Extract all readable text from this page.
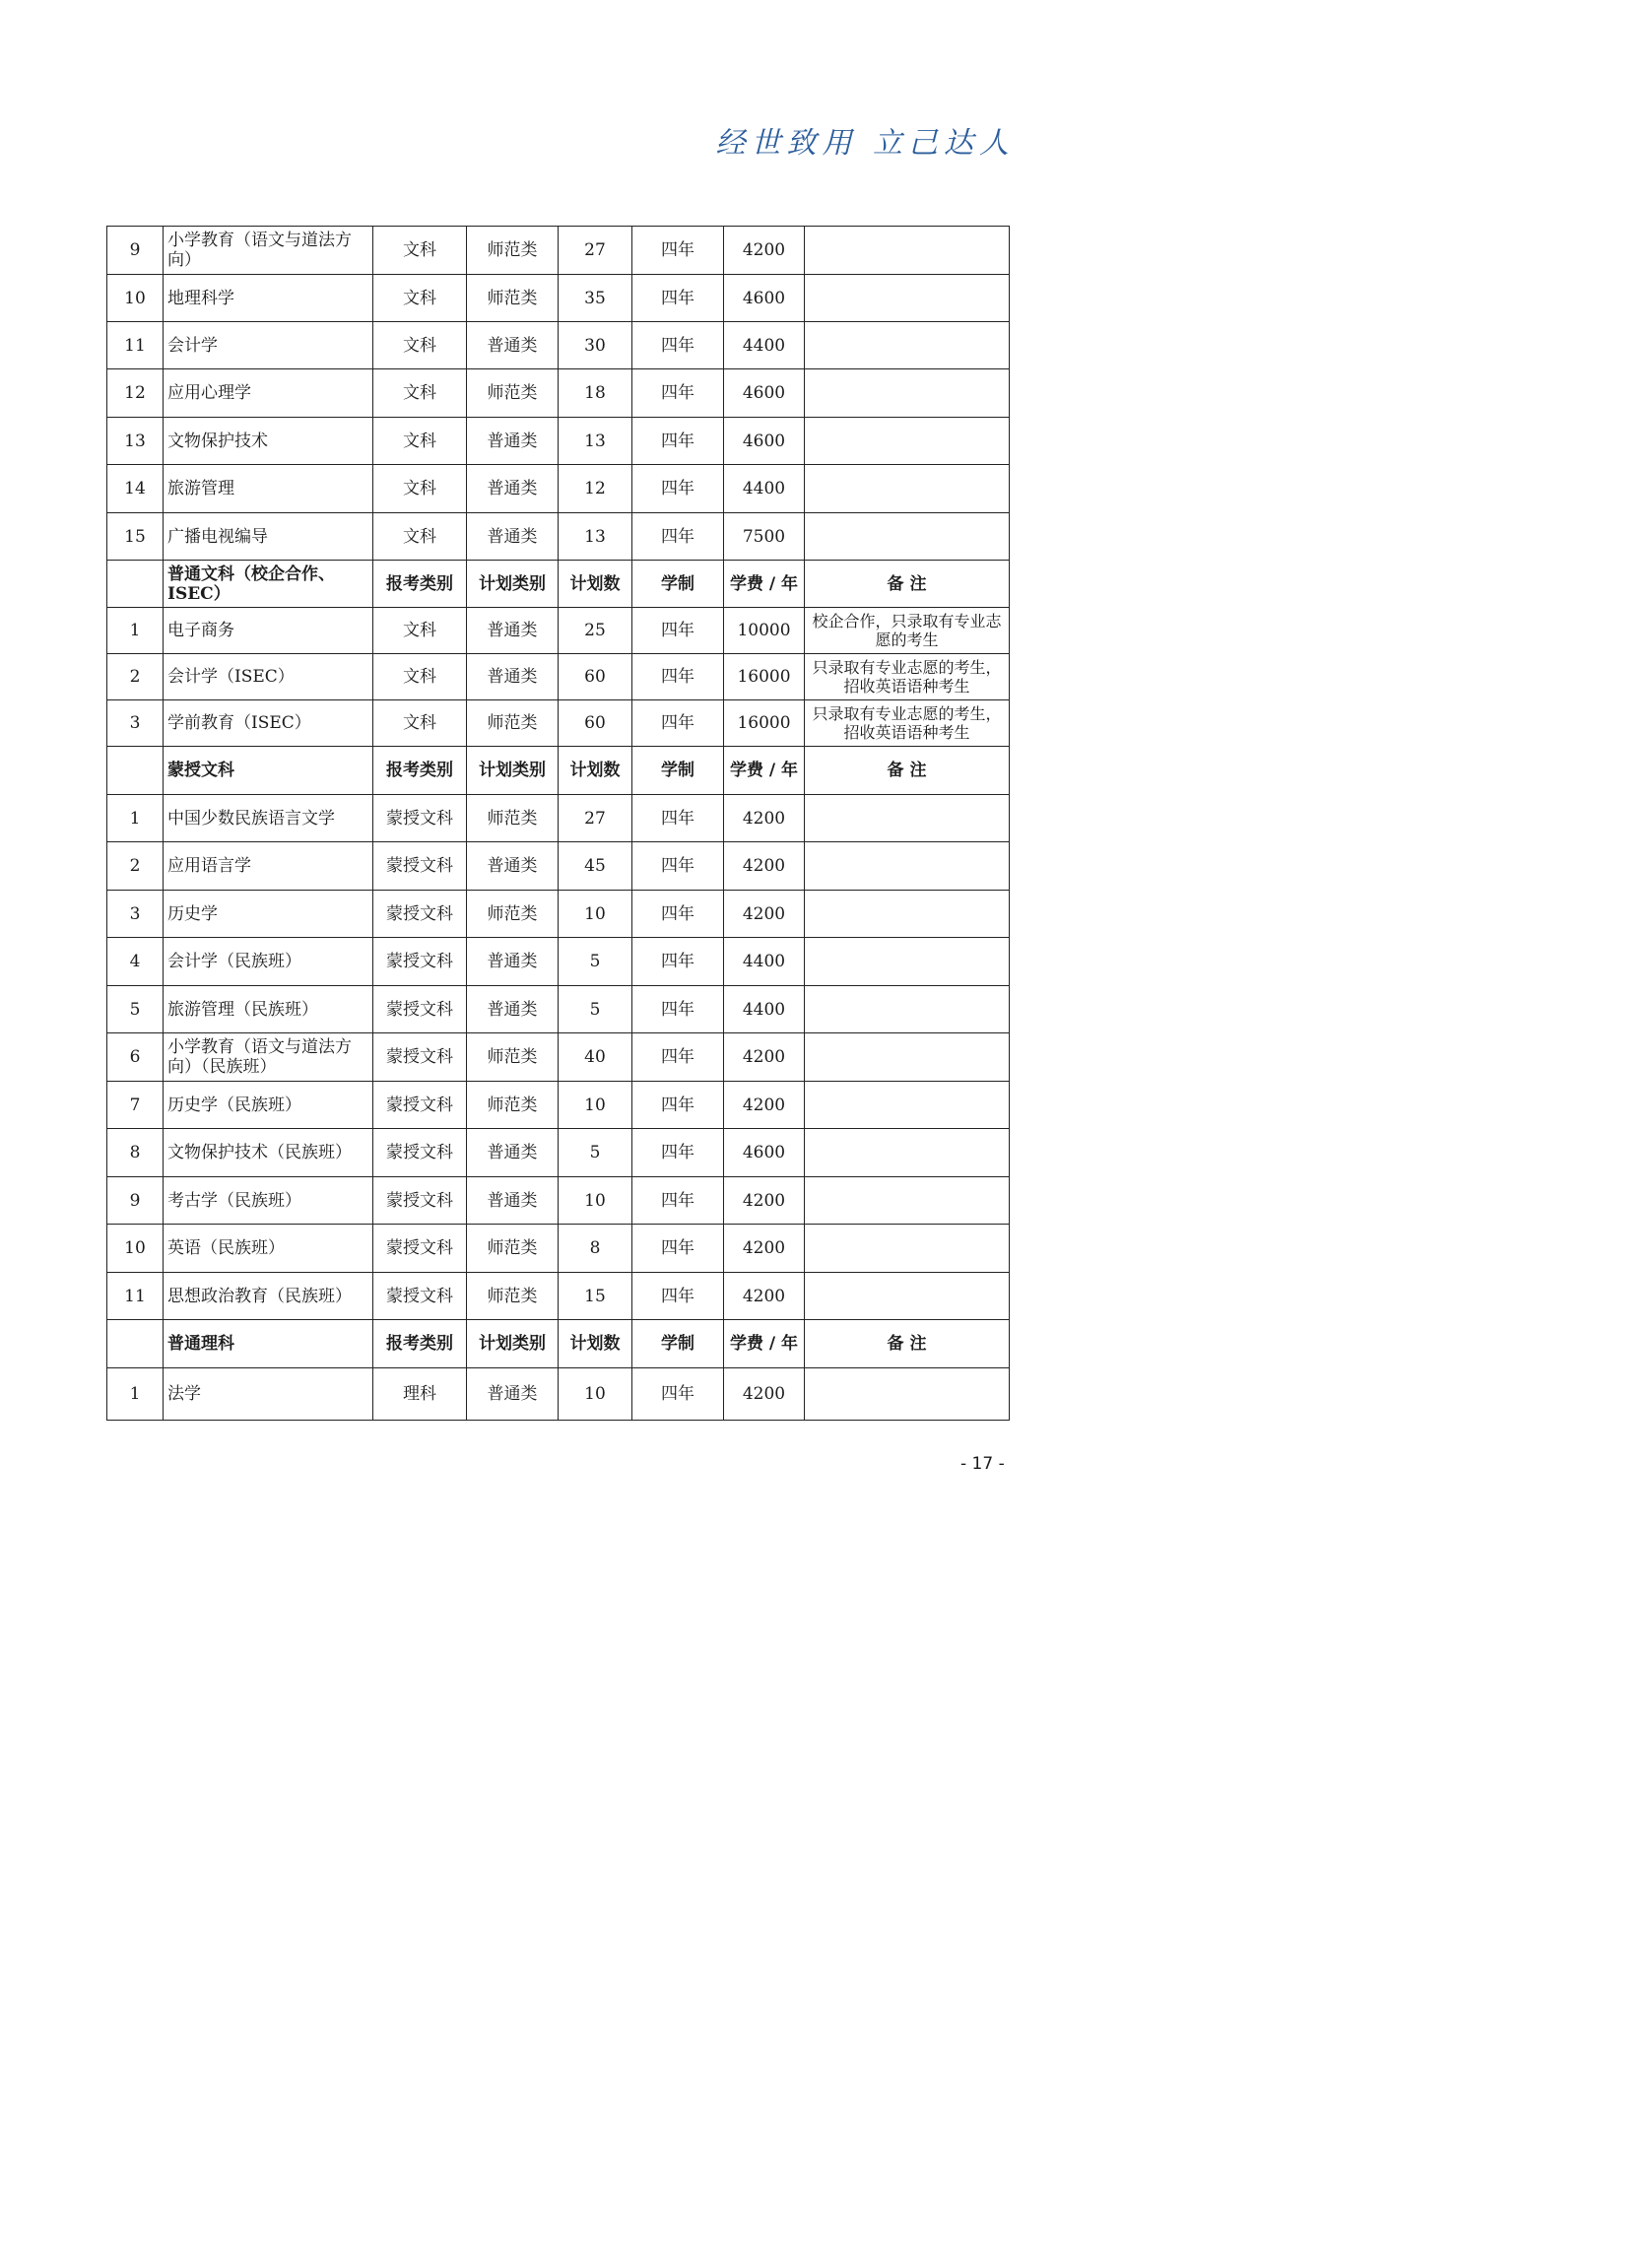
经世致用 立己达人
9	小学教育（语文与道法方向）	文科	师范类	27	四年	4200	
10	地理科学	文科	师范类	35	四年	4600	
11	会计学	文科	普通类	30	四年	4400	
12	应用心理学	文科	师范类	18	四年	4600	
13	文物保护技术	文科	普通类	13	四年	4600	
14	旅游管理	文科	普通类	12	四年	4400	
15	广播电视编导	文科	普通类	13	四年	7500	
	普通文科（校企合作、ISEC）	报考类别	计划类别	计划数	学制	学费 / 年	备 注
1	电子商务	文科	普通类	25	四年	10000	校企合作，只录取有专业志愿的考生
2	会计学（ISEC）	文科	普通类	60	四年	16000	只录取有专业志愿的考生，招收英语语种考生
3	学前教育（ISEC）	文科	师范类	60	四年	16000	只录取有专业志愿的考生，招收英语语种考生
	蒙授文科	报考类别	计划类别	计划数	学制	学费 / 年	备 注
1	中国少数民族语言文学	蒙授文科	师范类	27	四年	4200	
2	应用语言学	蒙授文科	普通类	45	四年	4200	
3	历史学	蒙授文科	师范类	10	四年	4200	
4	会计学（民族班）	蒙授文科	普通类	5	四年	4400	
5	旅游管理（民族班）	蒙授文科	普通类	5	四年	4400	
6	小学教育（语文与道法方向）（民族班）	蒙授文科	师范类	40	四年	4200	
7	历史学（民族班）	蒙授文科	师范类	10	四年	4200	
8	文物保护技术（民族班）	蒙授文科	普通类	5	四年	4600	
9	考古学（民族班）	蒙授文科	普通类	10	四年	4200	
10	英语（民族班）	蒙授文科	师范类	8	四年	4200	
11	思想政治教育（民族班）	蒙授文科	师范类	15	四年	4200	
	普通理科	报考类别	计划类别	计划数	学制	学费 / 年	备 注
1	法学	理科	普通类	10	四年	4200	
- 17 -
